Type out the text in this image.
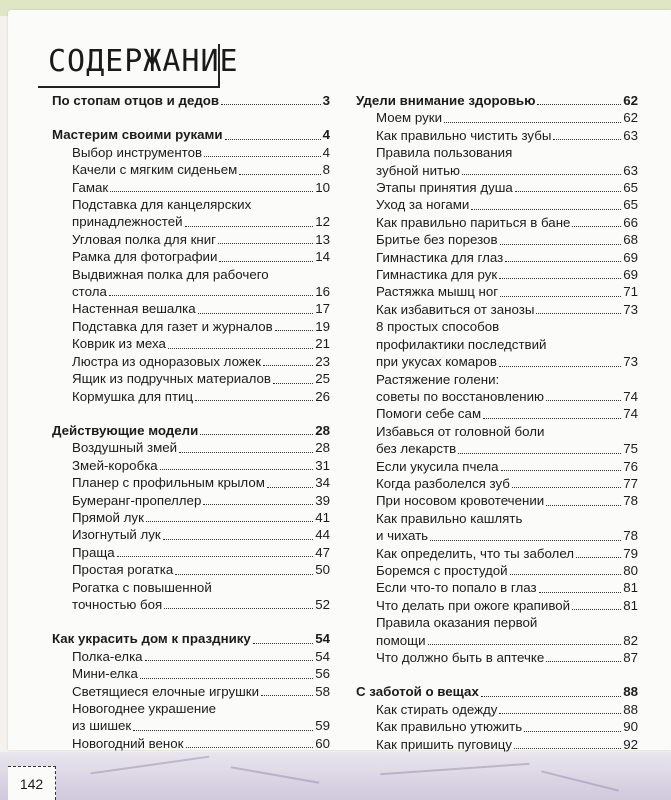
СОДЕРЖАНИЕ
По стопам отцов и дедов	3
Мастерим своими руками	4
Выбор инструментов	4
Качели с мягким сиденьем	8
Гамак	10
Подставка для канцелярских
принадлежностей	12
Угловая полка для книг	13
Рамка для фотографии	14
Выдвижная полка для рабочего
стола	16
Настенная вешалка	17
Подставка для газет и журналов	19
Коврик из меха	21
Люстра из одноразовых ложек	23
Ящик из подручных материалов	25
Кормушка для птиц	26
Действующие модели	28
Воздушный змей	28
Змей-коробка	31
Планер с профильным крылом	34
Бумеранг-пропеллер	39
Прямой лук	41
Изогнутый лук	44
Праща	47
Простая рогатка	50
Рогатка с повышенной
точностью боя	52
Как украсить дом к празднику	54
Полка-елка	54
Мини-елка	56
Светящиеся елочные игрушки	58
Новогоднее украшение
из шишек	59
Новогодний венок	60
Удели внимание здоровью	62
Моем руки	62
Как правильно чистить зубы	63
Правила пользования
зубной нитью	63
Этапы принятия душа	65
Уход за ногами	65
Как правильно париться в бане	66
Бритье без порезов	68
Гимнастика для глаз	69
Гимнастика для рук	69
Растяжка мышц ног	71
Как избавиться от занозы	73
8 простых способов
профилактики последствий
при укусах комаров	73
Растяжение голени:
советы по восстановлению	74
Помоги себе сам	74
Избавься от головной боли
без лекарств	75
Если укусила пчела	76
Когда разболелся зуб	77
При носовом кровотечении	78
Как правильно кашлять
и чихать	78
Как определить, что ты заболел	79
Боремся с простудой	80
Если что-то попало в глаз	81
Что делать при ожоге крапивой	81
Правила оказания первой
помощи	82
Что должно быть в аптечке	87
С заботой о вещах	88
Как стирать одежду	88
Как правильно утюжить	90
Как пришить пуговицу	92
142
